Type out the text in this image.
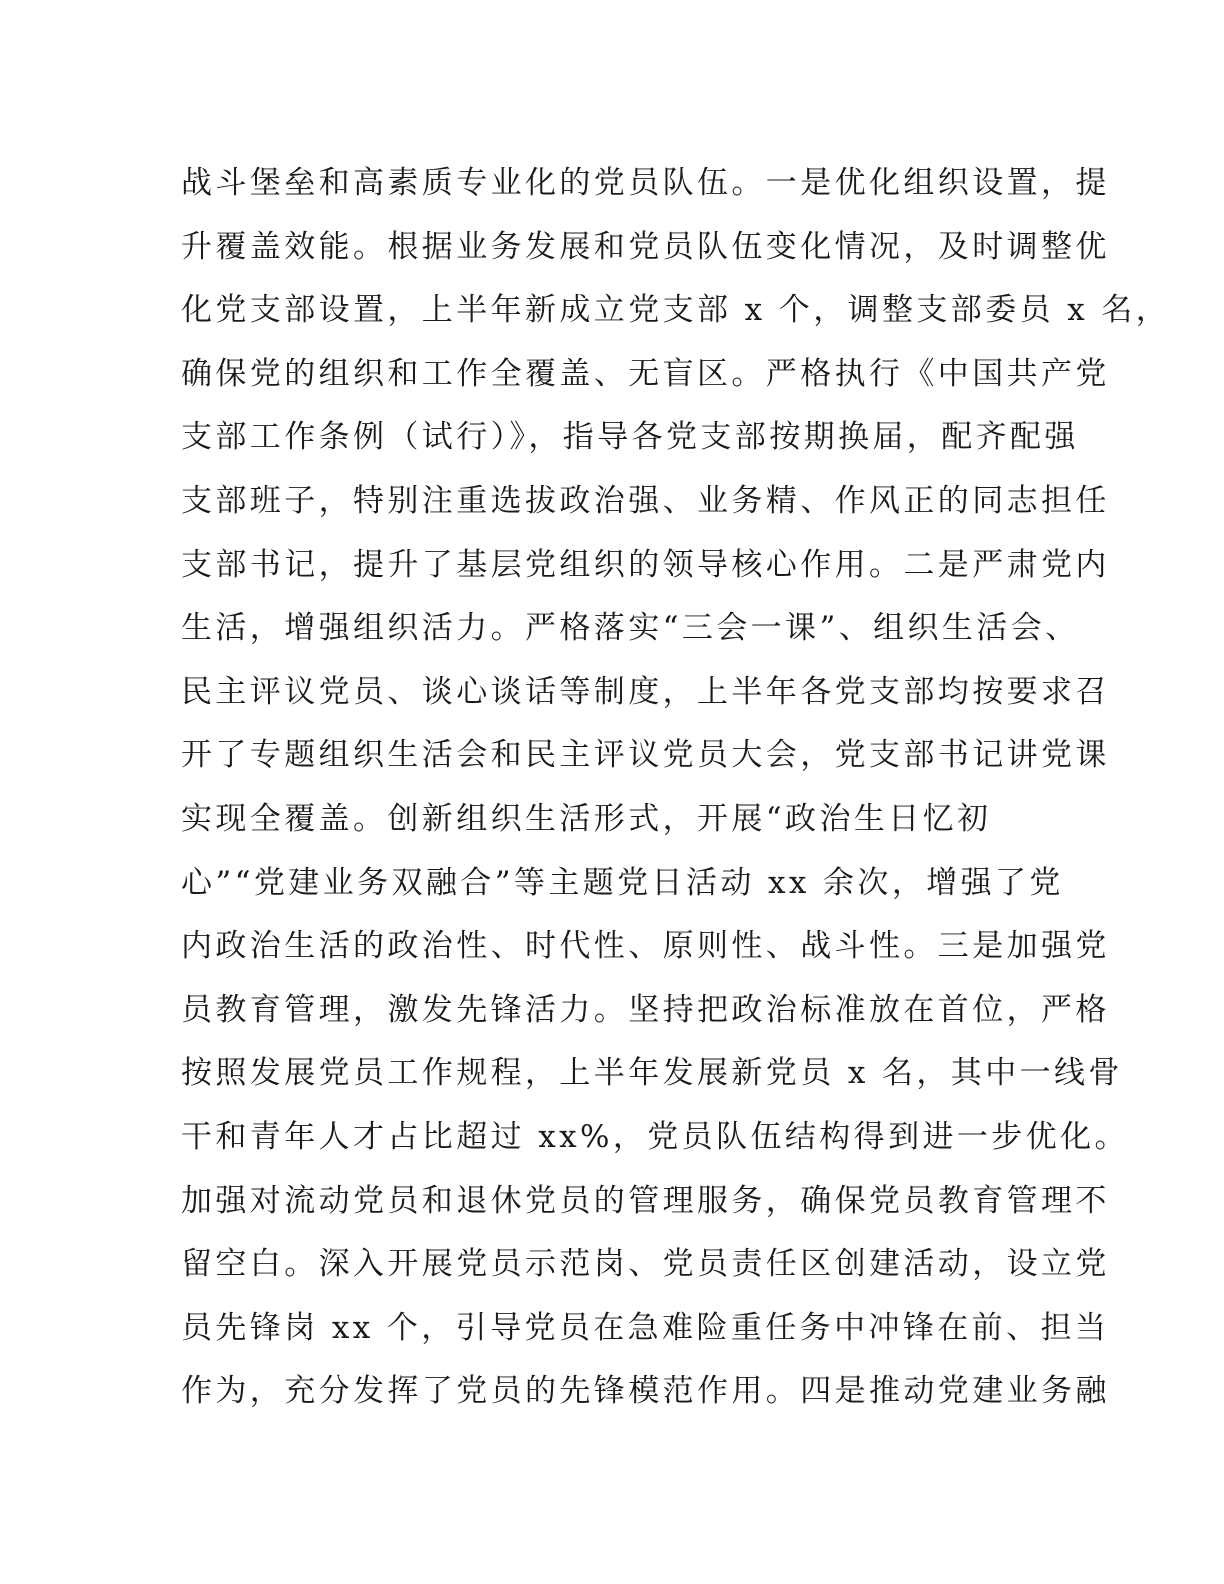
战斗堡垒和高素质专业化的党员队伍。一是优化组织设置，提
升覆盖效能。根据业务发展和党员队伍变化情况，及时调整优
化党支部设置，上半年新成立党支部 x 个，调整支部委员 x 名，
确保党的组织和工作全覆盖、无盲区。严格执行《中国共产党
支部工作条例（试行）》，指导各党支部按期换届，配齐配强
支部班子，特别注重选拔政治强、业务精、作风正的同志担任
支部书记，提升了基层党组织的领导核心作用。二是严肃党内
生活，增强组织活力。严格落实“三会一课”、组织生活会、
民主评议党员、谈心谈话等制度，上半年各党支部均按要求召
开了专题组织生活会和民主评议党员大会，党支部书记讲党课
实现全覆盖。创新组织生活形式，开展“政治生日忆初
心”“党建业务双融合”等主题党日活动 xx 余次，增强了党
内政治生活的政治性、时代性、原则性、战斗性。三是加强党
员教育管理，激发先锋活力。坚持把政治标准放在首位，严格
按照发展党员工作规程，上半年发展新党员 x 名，其中一线骨
干和青年人才占比超过 xx%，党员队伍结构得到进一步优化。
加强对流动党员和退休党员的管理服务，确保党员教育管理不
留空白。深入开展党员示范岗、党员责任区创建活动，设立党
员先锋岗 xx 个，引导党员在急难险重任务中冲锋在前、担当
作为，充分发挥了党员的先锋模范作用。四是推动党建业务融
